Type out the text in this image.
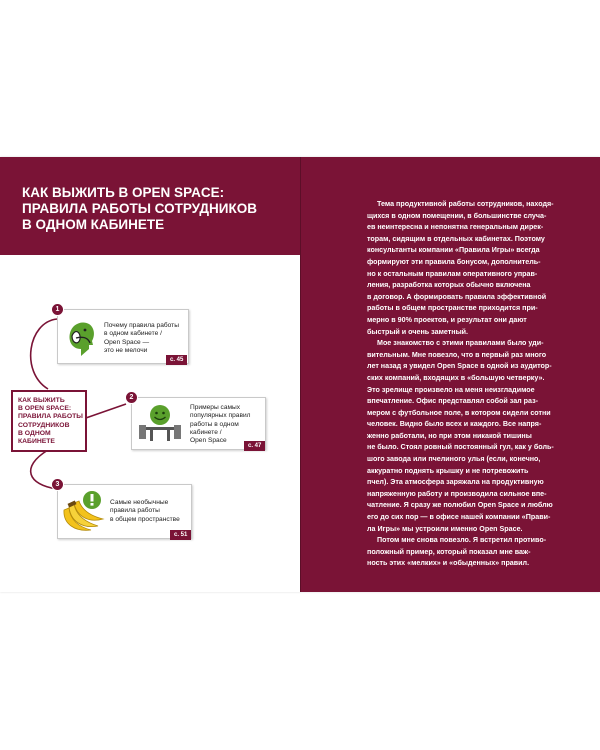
КАК ВЫЖИТЬ В OPEN SPACE:
ПРАВИЛА РАБОТЫ СОТРУДНИКОВ
В ОДНОМ КАБИНЕТЕ
Почему правила работы
в одном кабинете /
Open Space —
это не мелочи
1
с. 45
Примеры самых
популярных правил
работы в одном
кабинете /
Open Space
2
с. 47
Самые необычные
правила работы
в общем пространстве
3
с. 51
КАК ВЫЖИТЬ
В OPEN SPACE:
ПРАВИЛА РАБОТЫ
СОТРУДНИКОВ
В ОДНОМ
КАБИНЕТЕ

Тема продуктивной работы сотрудников, находя-
щихся в одном помещении, в большинстве случа-
ев неинтересна и непонятна генеральным дирек-
торам, сидящим в отдельных кабинетах. Поэтому
консультанты компании «Правила Игры» всегда
формируют эти правила бонусом, дополнитель-
но к остальным правилам оперативного управ-
ления, разработка которых обычно включена
в договор. А формировать правила эффективной
работы в общем пространстве приходится при-
мерно в 90% проектов, и результат они дают
быстрый и очень заметный.

Мое знакомство с этими правилами было уди-
вительным. Мне повезло, что в первый раз много
лет назад я увидел Open Space в одной из аудитор-
ских компаний, входящих в «большую четверку».
Это зрелище произвело на меня неизгладимое
впечатление. Офис представлял собой зал раз-
мером с футбольное поле, в котором сидели сотни
человек. Видно было всех и каждого. Все напря-
женно работали, но при этом никакой тишины
не было. Стоял ровный постоянный гул, как у боль-
шого завода или пчелиного улья (если, конечно,
аккуратно поднять крышку и не потревожить
пчел). Эта атмосфера заряжала на продуктивную
напряженную работу и производила сильное впе-
чатление. Я сразу же полюбил Open Space и люблю
его до сих пор — в офисе нашей компании «Прави-
ла Игры» мы устроили именно Open Space.

Потом мне снова повезло. Я встретил противо-
положный пример, который показал мне важ-
ность этих «мелких» и «обыденных» правил.
